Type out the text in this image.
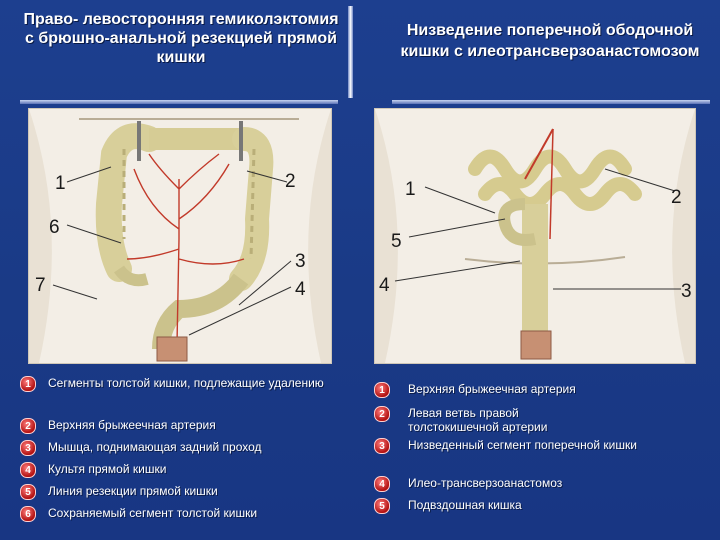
Право- левосторонняя гемиколэктомия с брюшно-анальной резекцией прямой кишки
Низведение поперечной ободочной кишки с илеотрансверзоанастомозом
1	2
6
3
7	4
1	2
5
4	3
1	Сегменты толстой кишки, подлежащие удалению
2	Верхняя брыжеечная артерия
3	Мышца, поднимающая задний проход
4	Культя прямой кишки
5	Линия резекции прямой кишки
6	Сохраняемый сегмент толстой кишки
1	Верхняя брыжеечная артерия
2	Левая ветвь правой толстокишечной артерии
3	Низведенный сегмент поперечной кишки
4	Илео-трансверзоанастомоз
5	Подвздошная кишка
